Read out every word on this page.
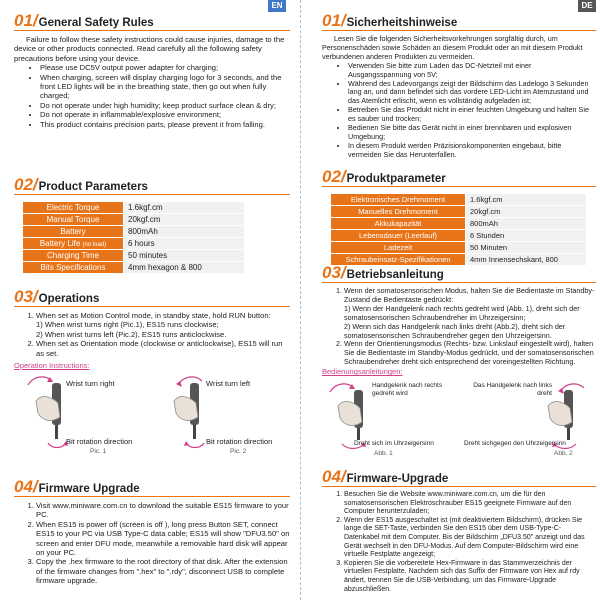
EN	DE
01/ General Safety Rules

Failure to follow these safety instructions could cause injuries, damage to the device or other products connected. Read carefully all the following safety precautions before using your device.

• Please use DC5V output power adapter for charging;
• When charging, screen will display charging logo for 3 seconds, and the front LED lights will be in the breathing state, then go out when fully charged;
• Do not operate under high humidity; keep product surface clean & dry;
• Do not operate in inflammable/explosive environment;
• This product contains precision parts, please prevent it from falling.
02/ Product Parameters
Electric Torque	1.6kgf.cm
Manual Torque	20kgf.cm
Battery	800mAh
Battery Life (no load)	6 hours
Charging Time	50 minutes
Bits Specifications	4mm hexagon & 800
03/ Operations
1. When set as Motion Control mode, in standby state, hold RUN button:
1) When wrist turns right (Pic.1), ES15 runs clockwise;
2) When wrist turns left (Pic.2), ES15 runs anticlockwise.
2. When set as Orientation mode (clockwise or anticlockwise), ES15 will run as set.
Operation Instructions:
Wrist turn right
Bit rotation direction
Pic. 1
Wrist turn left
Bit rotation direction
Pic. 2
04/ Firmware Upgrade
1. Visit www.miniware.com.cn to download the suitable ES15 firmware to your PC.
2. When ES15 is power off (screen is off ), long press Button SET, connect ES15 to your PC via USB Type-C data cable; ES15 will show "DFU3.50" on screen and enter DFU mode, meanwhile a removable hard disk will appear on your PC.
3. Copy the .hex firmware to the root directory of that disk. After the extension of the firmware changes from ".hex" to ".rdy", disconnect USB to complete firmware upgrade.
01/ Sicherheitshinweise

Lesen Sie die folgenden Sicherheitsvorkehrungen sorgfältig durch, um Personenschäden sowie Schäden an diesem Produkt oder an mit diesem Produkt verbundenen anderen Produkten zu vermeiden.

• Verwenden Sie bitte zum Laden das DC-Netzteil mit einer Ausgangsspannung von 5V;
• Während des Ladevorgangs zeigt der Bildschirm das Ladelogo 3 Sekunden lang an, und dann befindet sich das vordere LED-Licht im Atemzustand und das Atemlicht erlischt, wenn es vollständig aufgeladen ist;
• Betreiben Sie das Produkt nicht in einer feuchten Umgebung und halten Sie es sauber und trocken;
• Bedienen Sie bitte das Gerät nicht in einer brennbaren und explosiven Umgebung;
• In diesem Produkt werden Präzisionskomponenten eingebaut, bitte vermeiden Sie das Herunterfallen.
02/ Produktparameter
Elektronisches Drehmoment	1.6kgf.cm
Manuelles Drehmoment	20kgf.cm
Akkukapazität	800mAh
Lebensdauer (Leerlauf)	6 Stunden
Ladezeit	50 Minuten
Schraubeinsatz-Spezifikationen	4mm Innensechskant, 800
03/ Betriebsanleitung
1. Wenn der somatosensorischen Modus, halten Sie die Bedientaste im Standby-Zustand die Bedientaste gedrückt:
1) Wenn der Handgelenk nach rechts gedreht wird (Abb. 1), dreht sich der somatosensorischen Schraubendreher im Uhrzeigersinn;
2) Wenn sich das Handgelenk nach links dreht (Abb.2), dreht sich der somatosensorischen Schraubendreher gegen den Uhrzeigersinn.
2. Wenn der Orientierungsmodus (Rechts- bzw. Linkslauf eingestellt wird), halten Sie die Bedientaste im Standby-Modus gedrückt, und der somatosensorischen Schraubendreher dreht sich entsprechend der voreingestellten Richtung.
Bedienungsanleitungen:
Handgelenk nach rechts gedreht wird
Dreht sich im Uhrzeigersinn
Abb. 1
Das Handgelenk nach links dreht
Dreht sichgegen den Uhrzeigersinn
Abb. 2
04/ Firmware-Upgrade
1. Besuchen Sie die Website www.miniware.com.cn, um die für den somatosensorischen Elektroschrauber ES15 geeignete Firmware auf den Computer herunterzuladen;
2. Wenn der ES15 ausgeschaltet ist (mit deaktiviertem Bildschirm), drücken Sie lange die SET-Taste, verbinden Sie den ES15 über dem USB-Type-C-Datenkabel mit dem Computer. Bis der Bildschirm „DFU3.50" anzeigt und das Gerät wechselt in den DFU-Modus. Auf dem Computer-Bildschirm wird eine virtuelle Festplatte angezeigt;
3. Kopieren Sie die vorbereitete Hex-Firmware in das Stammverzeichnis der virtuellen Festplatte. Nachdem sich das Suffix der Firmware von Hex auf rdy ändert, trennen Sie die USB-Verbindung, um das Firmware-Upgrade abzuschließen.
